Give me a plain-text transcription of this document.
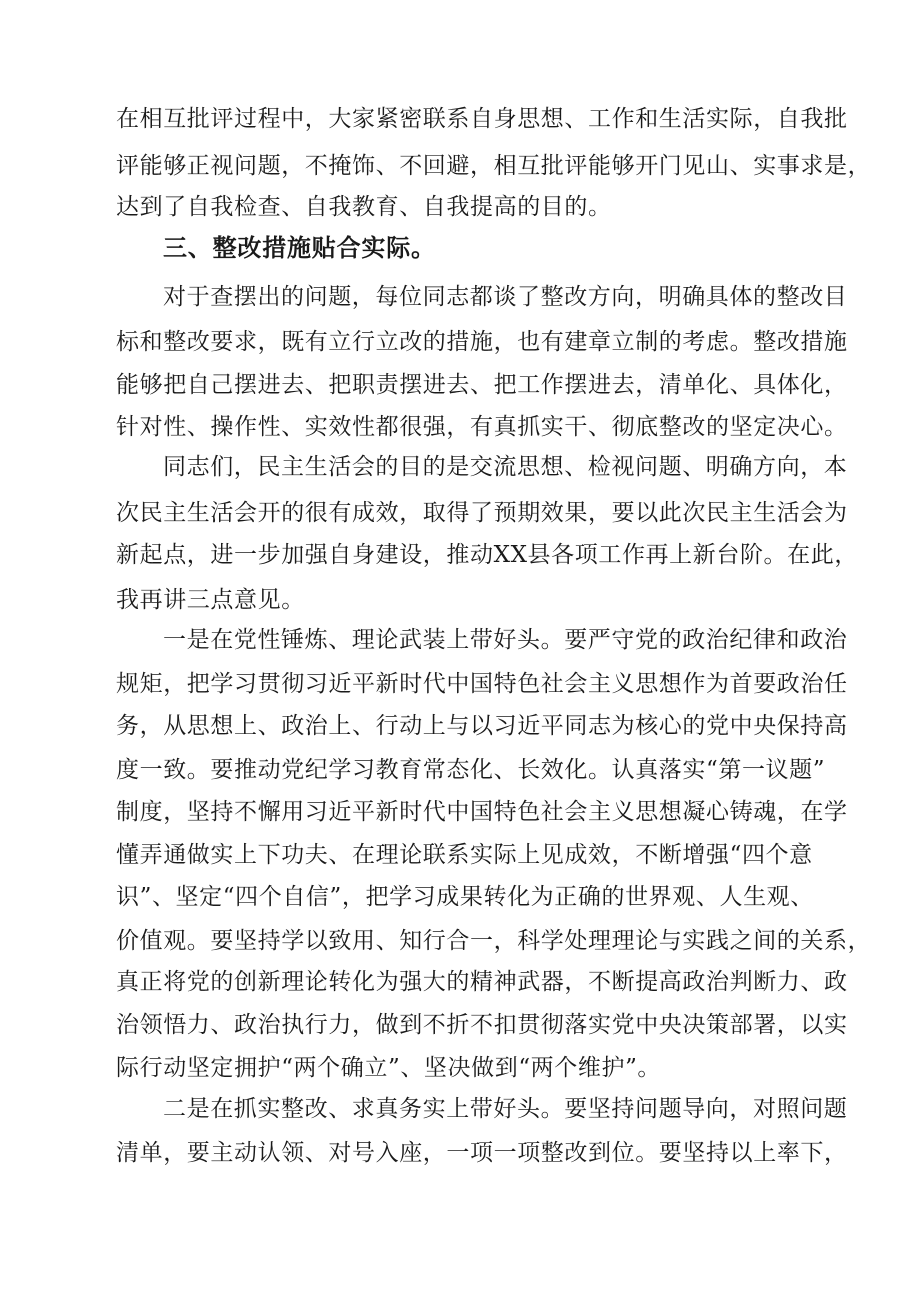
在相互批评过程中，大家紧密联系自身思想、工作和生活实际，自我批
评能够正视问题，不掩饰、不回避，相互批评能够开门见山、实事求是，
达到了自我检查、自我教育、自我提高的目的。
三、整改措施贴合实际。
对于查摆出的问题，每位同志都谈了整改方向，明确具体的整改目
标和整改要求，既有立行立改的措施，也有建章立制的考虑。整改措施
能够把自己摆进去、把职责摆进去、把工作摆进去，清单化、具体化，
针对性、操作性、实效性都很强，有真抓实干、彻底整改的坚定决心。
同志们，民主生活会的目的是交流思想、检视问题、明确方向，本
次民主生活会开的很有成效，取得了预期效果，要以此次民主生活会为
新起点，进一步加强自身建设，推动XX县各项工作再上新台阶。在此，
我再讲三点意见。
一是在党性锤炼、理论武装上带好头。要严守党的政治纪律和政治
规矩，把学习贯彻习近平新时代中国特色社会主义思想作为首要政治任
务，从思想上、政治上、行动上与以习近平同志为核心的党中央保持高
度一致。要推动党纪学习教育常态化、长效化。认真落实“第一议题”
制度，坚持不懈用习近平新时代中国特色社会主义思想凝心铸魂，在学
懂弄通做实上下功夫、在理论联系实际上见成效，不断增强“四个意
识”、坚定“四个自信”，把学习成果转化为正确的世界观、人生观、
价值观。要坚持学以致用、知行合一，科学处理理论与实践之间的关系，
真正将党的创新理论转化为强大的精神武器，不断提高政治判断力、政
治领悟力、政治执行力，做到不折不扣贯彻落实党中央决策部署，以实
际行动坚定拥护“两个确立”、坚决做到“两个维护”。
二是在抓实整改、求真务实上带好头。要坚持问题导向，对照问题
清单，要主动认领、对号入座，一项一项整改到位。要坚持以上率下，
